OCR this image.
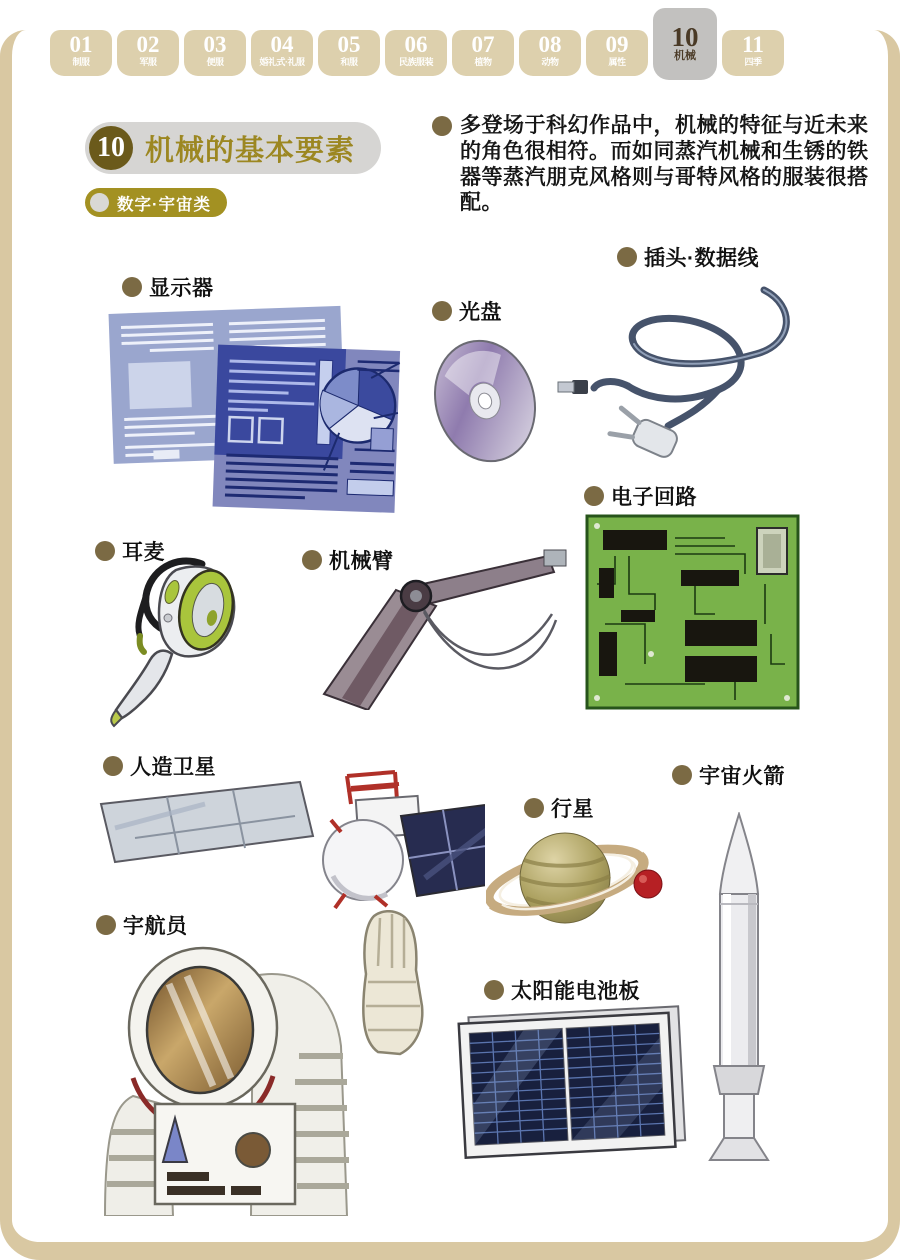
01
制服
02
军服
03
便服
04
婚礼式·礼服
05
和服
06
民族服装
07
植物
08
动物
09
属性
10
机械	11
四季
10 机械的基本要素
数字·宇宙类
多登场于科幻作品中，机械的特征与近未来的角色很相符。而如同蒸汽机械和生锈的铁器等蒸汽朋克风格则与哥特风格的服装很搭配。
显示器
光盘
插头·数据线
电子回路
耳麦	机械臂
人造卫星
行星
宇宙火箭
宇航员
太阳能电池板
